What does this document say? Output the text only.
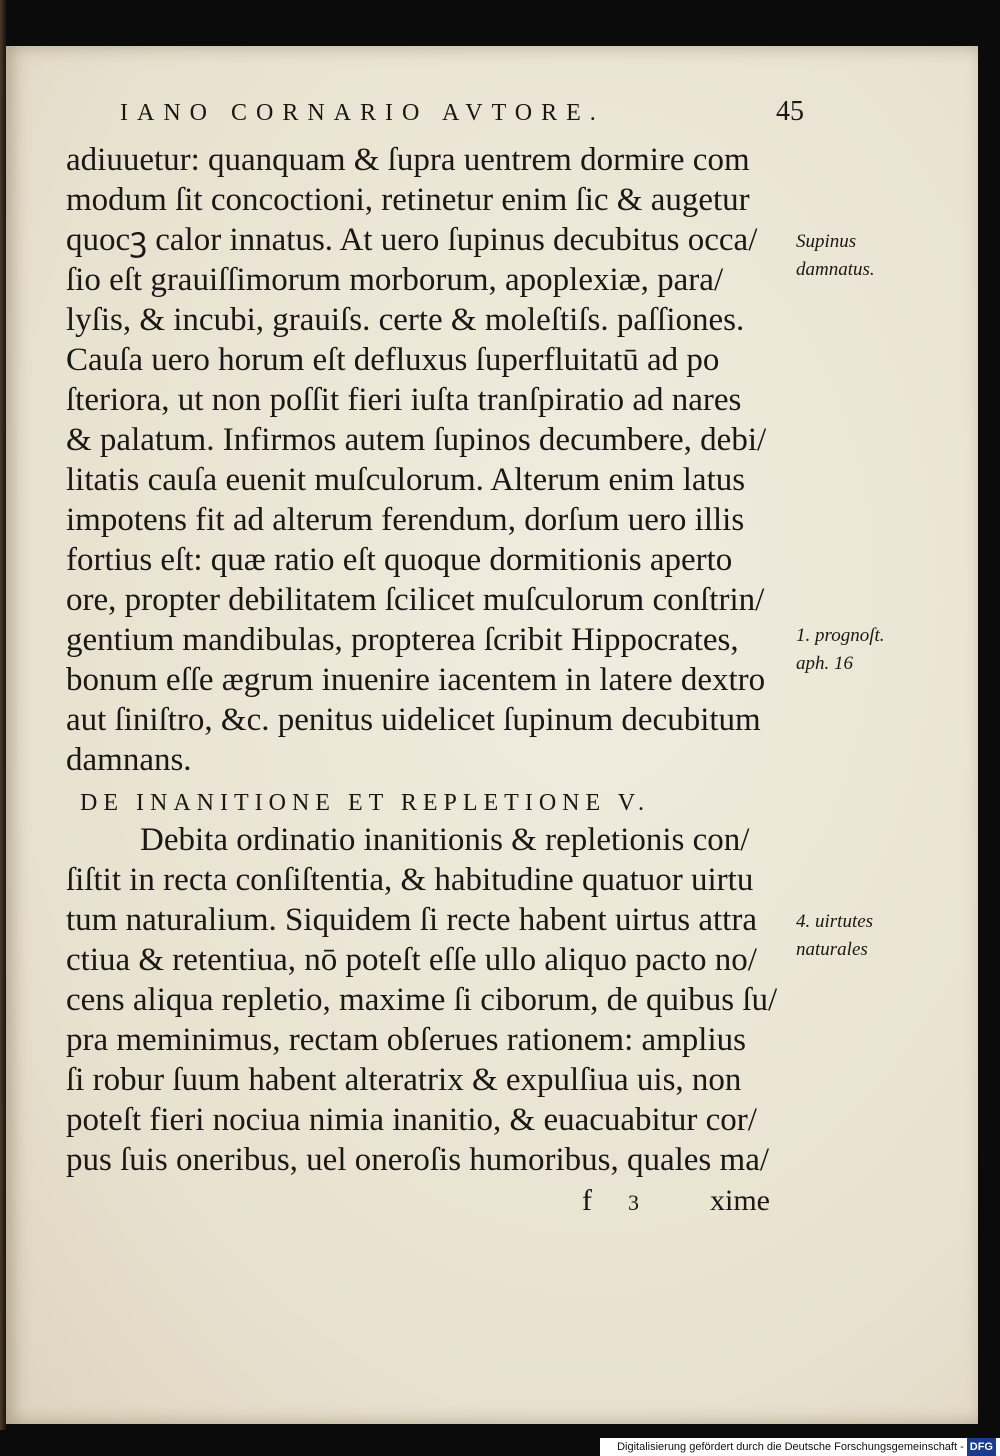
IANO CORNARIO AVTORE.	45
adiuuetur: quanquam & ſupra uentrem dormire com
modum ſit concoctioni, retinetur enim ſic & augetur
quocꝫ calor innatus. At uero ſupinus decubitus occa/
ſio eſt grauiſſimorum morborum, apoplexiæ, para/
lyſis, & incubi, grauiſs. certe & moleſtiſs. paſſiones.
Cauſa uero horum eſt defluxus ſuperfluitatū ad po
ſteriora, ut non poſſit fieri iuſta tranſpiratio ad nares
& palatum. Infirmos autem ſupinos decumbere, debi/
litatis cauſa euenit muſculorum. Alterum enim latus
impotens fit ad alterum ferendum, dorſum uero illis
fortius eſt: quæ ratio eſt quoque dormitionis aperto
ore, propter debilitatem ſcilicet muſculorum conſtrin/
gentium mandibulas, propterea ſcribit Hippocrates,
bonum eſſe ægrum inuenire iacentem in latere dextro
aut ſiniſtro, &c. penitus uidelicet ſupinum decubitum
damnans.
DE INANITIONE ET REPLETIONE V.
Debita ordinatio inanitionis & repletionis con/
ſiſtit in recta conſiſtentia, & habitudine quatuor uirtu
tum naturalium. Siquidem ſi recte habent uirtus attra
ctiua & retentiua, nō poteſt eſſe ullo aliquo pacto no/
cens aliqua repletio, maxime ſi ciborum, de quibus ſu/
pra meminimus, rectam obſerues rationem: amplius
ſi robur ſuum habent alteratrix & expulſiua uis, non
poteſt fieri nociua nimia inanitio, & euacuabitur cor/
pus ſuis oneribus, uel oneroſis humoribus, quales ma/
Supinus
damnatus.
1. prognoſt.
aph. 16
4. uirtutes
naturales
f 3 xime
Digitalisierung gefördert durch die Deutsche Forschungsgemeinschaft - DFG
